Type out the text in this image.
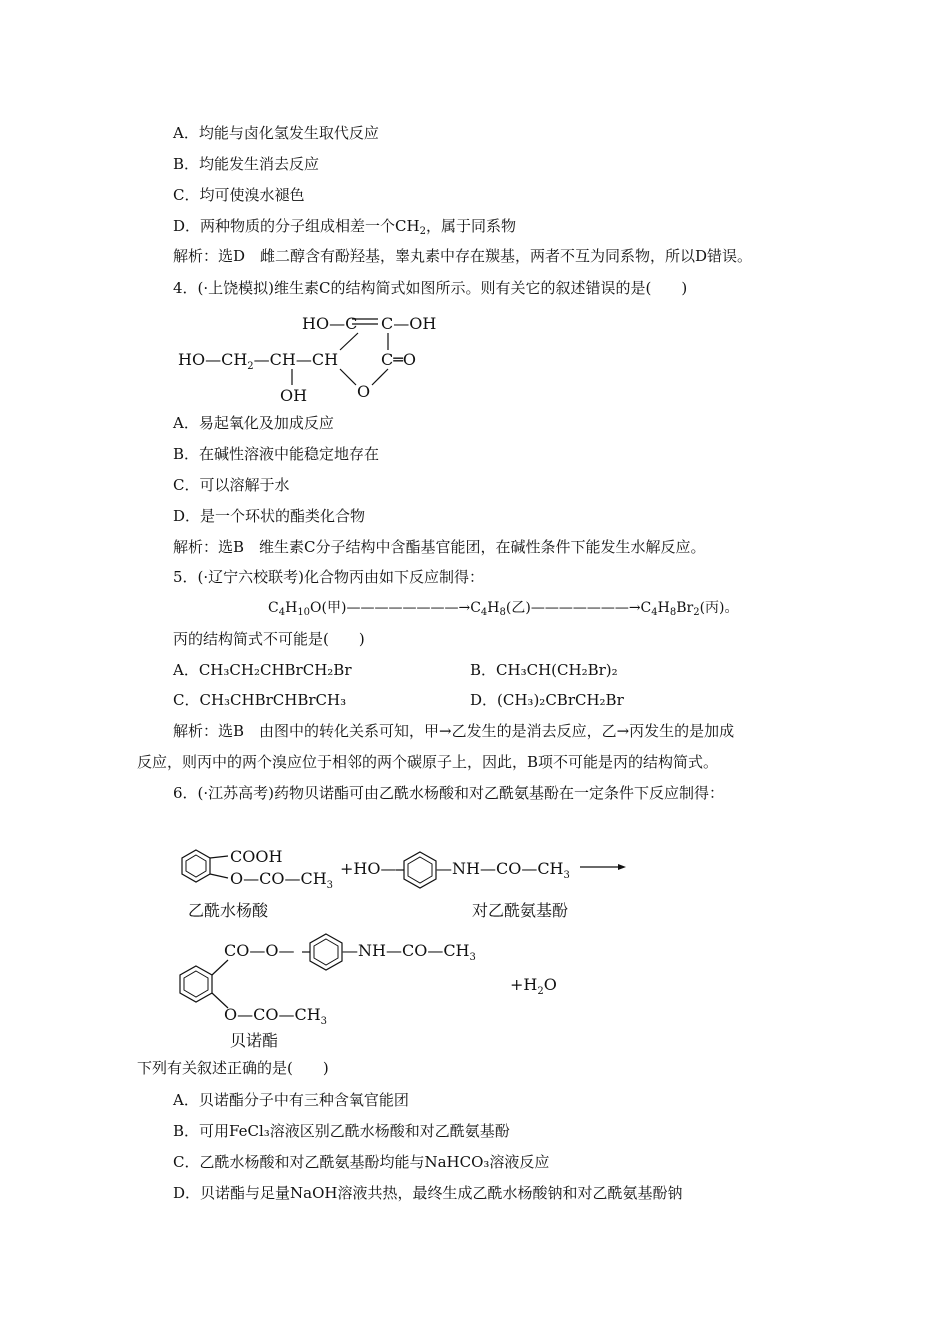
A．均能与卤化氢发生取代反应
B．均能发生消去反应
C．均可使溴水褪色
D．两种物质的分子组成相差一个$CH_2$，属于同系物
解析：选D　雌二醇含有酚羟基，睾丸素中存在羰基，两者不互为同系物，所以D错误。
4．(·上饶模拟)维生素C的结构简式如图所示。则有关它的叙述错误的是(　　)
HO—C C—OH
$HO—CH_2—CH—CH$	C═O
OH	O
A．易起氧化及加成反应
B．在碱性溶液中能稳定地存在
C．可以溶解于水
D．是一个环状的酯类化合物
解析：选B　维生素C分子结构中含酯基官能团，在碱性条件下能发生水解反应。
5．(·辽宁六校联考)化合物丙由如下反应制得：
$C_4H_{10}O$(甲)$————————\to C_4H_8$(乙)$———————\to C_4H_8Br_2$(丙)。
丙的结构简式不可能是(　　)
A．CH₃CH₂CHBrCH₂Br	B．CH₃CH(CH₂Br)₂
C．CH₃CHBrCHBrCH₃	D．(CH₃)₂CBrCH₂Br
解析：选B　由图中的转化关系可知，甲→乙发生的是消去反应，乙→丙发生的是加成
反应，则丙中的两个溴应位于相邻的两个碳原子上，因此，B项不可能是丙的结构简式。
6．(·江苏高考)药物贝诺酯可由乙酰水杨酸和对乙酰氨基酚在一定条件下反应制得：
COOH
$O—CO—CH_3$
+HO— $—NH—CO—CH_3$
乙酰水杨酸	对乙酰氨基酚
CO—O—	$—NH—CO—CH_3$
$O—CO—CH_3$
$+H_2O$
贝诺酯
下列有关叙述正确的是(　　)
A．贝诺酯分子中有三种含氧官能团
B．可用FeCl₃溶液区别乙酰水杨酸和对乙酰氨基酚
C．乙酰水杨酸和对乙酰氨基酚均能与NaHCO₃溶液反应
D．贝诺酯与足量NaOH溶液共热，最终生成乙酰水杨酸钠和对乙酰氨基酚钠
